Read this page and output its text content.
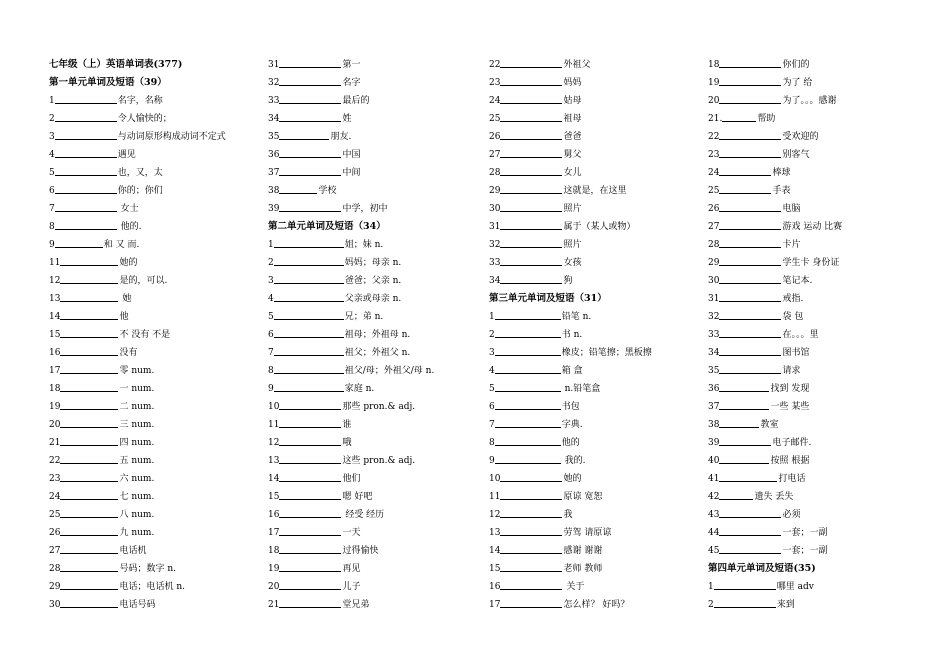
七年级（上）英语单词表(377)
第一单元单词及短语（39）
1	名字，名称
2	令人愉快的；
3	与动词原形构成动词不定式
4	遇见
5	也，又，太
6	你的；你们
7	女士
8	他的.
9	和 又 而.
11	她的
12	是的，可以.
13	她
14	他
15	不 没有 不是
16	没有
17	零 num.
18	一 num.
19	二 num.
20	三 num.
21	四 num.
22	五 num.
23	六 num.
24	七 num.
25	八 num.
26	九 num.
27	电话机
28	号码；数字 n.
29	电话；电话机 n.
30	电话号码
31	第一
32	名字
33	最后的
34	姓
35	朋友.
36	中国
37	中间
38	学校
39	中学，初中
第二单元单词及短语（34）
1	姐；妹 n.
2	妈妈；母亲 n.
3	爸爸；父亲 n.
4	父亲或母亲 n.
5	兄；弟 n.
6	祖母；外祖母 n.
7	祖父；外祖父 n.
8	祖父/母；外祖父/母 n.
9	家庭 n.
10	那些 pron.& adj.
11	谁
12	哦
13	这些 pron.& adj.
14	他们
15	嗯 好吧
16	经受 经历
17	一天
18	过得愉快
19	再见
20	儿子
21	堂兄弟
22	外祖父
23	妈妈
24	姑母
25	祖母
26	爸爸
27	舅父
28	女儿
29	这就是，在这里
30	照片
31	属于（某人或物）
32	照片
33	女孩
34	狗
第三单元单词及短语（31）
1	铅笔 n.
2	书 n.
3	橡皮；铅笔擦；黑板擦
4	箱 盒
5	n.铅笔盒
6	书包
7	字典.
8	他的
9	我的.
10	她的
11	原谅 宽恕
12	我
13	劳驾 请原谅
14	感谢 谢谢
15	老师 教师
16	关于
17	怎么样？ 好吗？
18	你们的
19	为了 给
20	为了。。。感谢
21.	帮助
22	受欢迎的
23	别客气
24	棒球
25	手表
26	电脑
27	游戏 运动 比赛
28	卡片
29	学生卡 身份证
30	笔记本.
31	戒指.
32	袋 包
33	在。。。里
34	图书馆
35	请求
36	找到 发现
37	一些 某些
38	教室
39	电子邮件.
40	按照 根据
41	打电话
42	遗失 丢失
43	必须
44	一套；一副
45	一套；一副
第四单元单词及短语(35)
1	哪里 adv
2	来到
